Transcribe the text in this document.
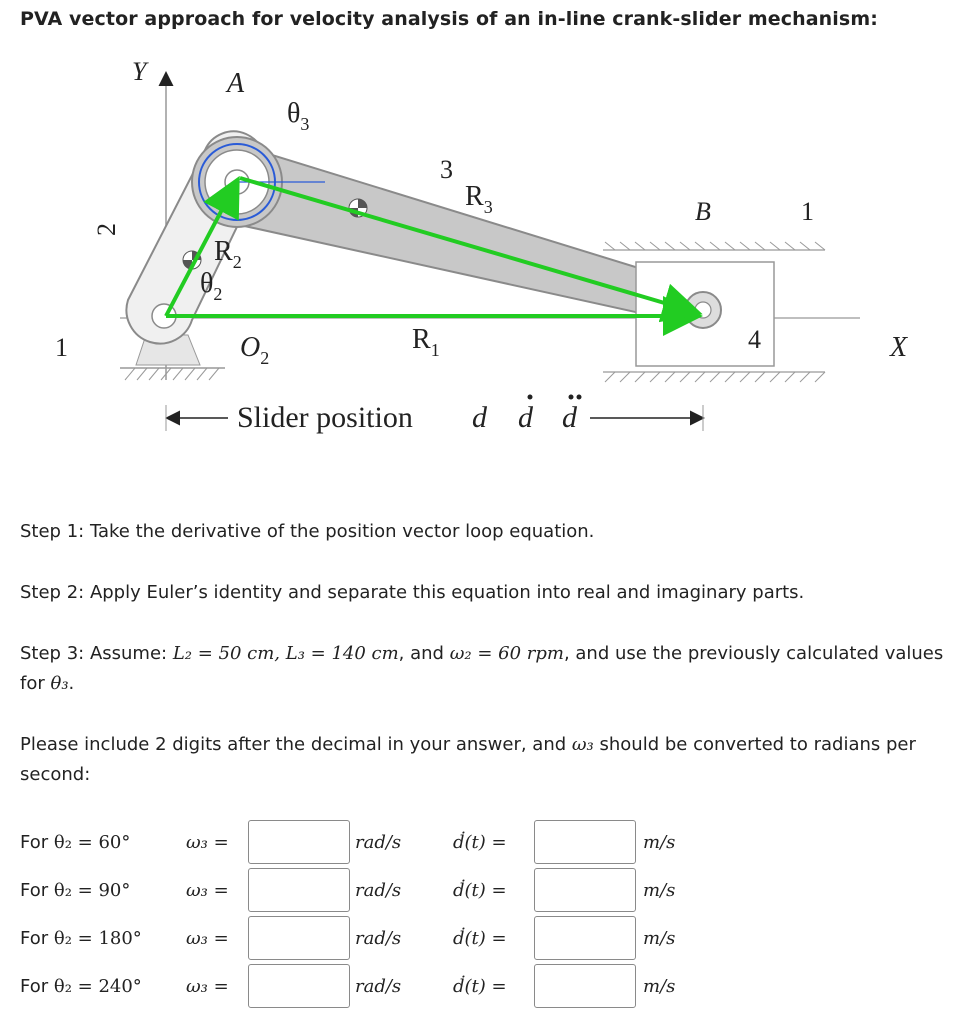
PVA vector approach for velocity analysis of an in-line crank-slider mechanism:
Y	A
$\theta_3$
3
$R_3$	B	1
2
$R_2$
$\theta_2$
1	$O_2$
$R_1$	4	X
Slider position d d d
Step 1: Take the derivative of the position vector loop equation.
Step 2: Apply Euler’s identity and separate this equation into real and imaginary parts.
Step 3: Assume: L₂ = 50 cm, L₃ = 140 cm, and ω₂ = 60 rpm, and use the previously calculated values for θ₃.
Please include 2 digits after the decimal in your answer, and ω₃ should be converted to radians per second:
For θ₂ = 60°	ω₃ =	rad/s	ḋ(t) =	m/s
For θ₂ = 90°	ω₃ =	rad/s	ḋ(t) =	m/s
For θ₂ = 180° ω₃ =	rad/s	ḋ(t) =	m/s
For θ₂ = 240° ω₃ =	rad/s	ḋ(t) =	m/s
